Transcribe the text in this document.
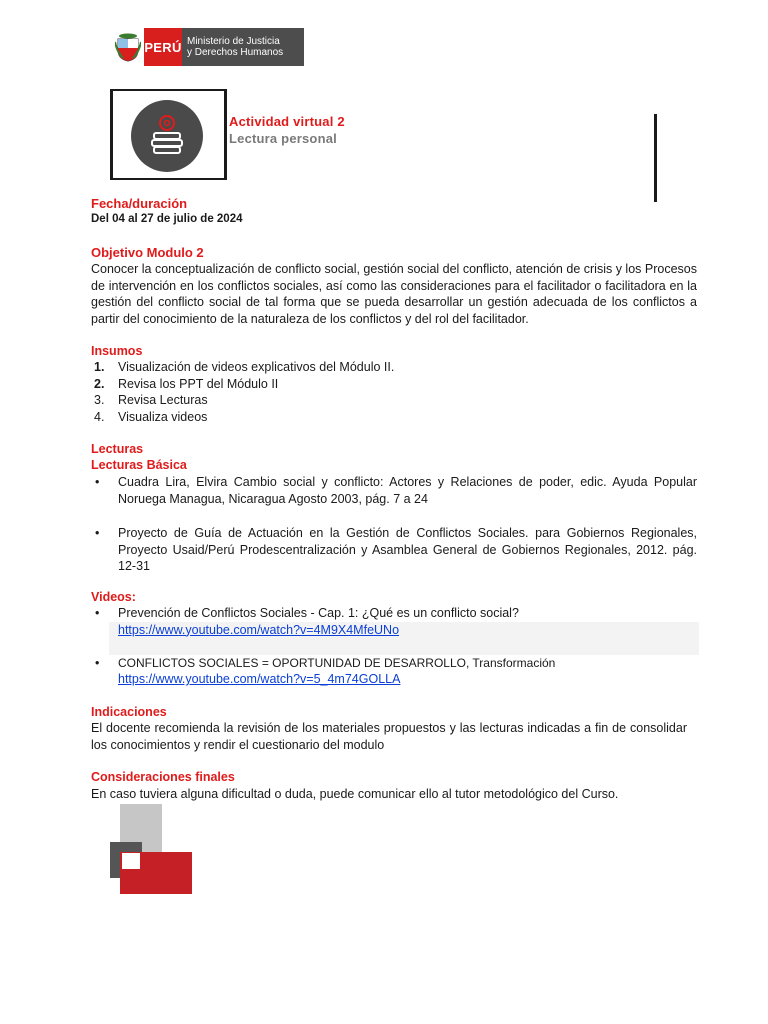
PERÚ Ministerio de Justicia
y Derechos Humanos
Actividad virtual 2
Lectura personal
Fecha/duración
Del 04 al 27 de julio de 2024
Objetivo Modulo 2
Conocer la conceptualización de conflicto social, gestión social del conflicto, atención de crisis y los Procesos de intervención en los conflictos sociales, así como las consideraciones para el facilitador o facilitadora en la gestión del conflicto social de tal forma que se pueda desarrollar un gestión adecuada de los conflictos a partir del conocimiento de la naturaleza de los conflictos y del rol del facilitador.
Insumos
1. Visualización de videos explicativos del Módulo II.
2. Revisa los PPT del Módulo II
3. Revisa Lecturas
4. Visualiza videos
Lecturas
Lecturas Básica
• Cuadra Lira, Elvira Cambio social y conflicto: Actores y Relaciones de poder, edic. Ayuda Popular Noruega Managua, Nicaragua Agosto 2003, pág. 7 a 24
• Proyecto de Guía de Actuación en la Gestión de Conflictos Sociales. para Gobiernos Regionales, Proyecto Usaid/Perú Prodescentralización y Asamblea General de Gobiernos Regionales, 2012. pág. 12-31
Videos:
• Prevención de Conflictos Sociales - Cap. 1: ¿Qué es un conflicto social?
https://www.youtube.com/watch?v=4M9X4MfeUNo
• CONFLICTOS SOCIALES = OPORTUNIDAD DE DESARROLLO, Transformación
https://www.youtube.com/watch?v=5_4m74GOLLA
Indicaciones
El docente recomienda la revisión de los materiales propuestos y las lecturas indicadas a fin de consolidar los conocimientos y rendir el cuestionario del modulo
Consideraciones finales
En caso tuviera alguna dificultad o duda, puede comunicar ello al tutor metodológico del Curso.
